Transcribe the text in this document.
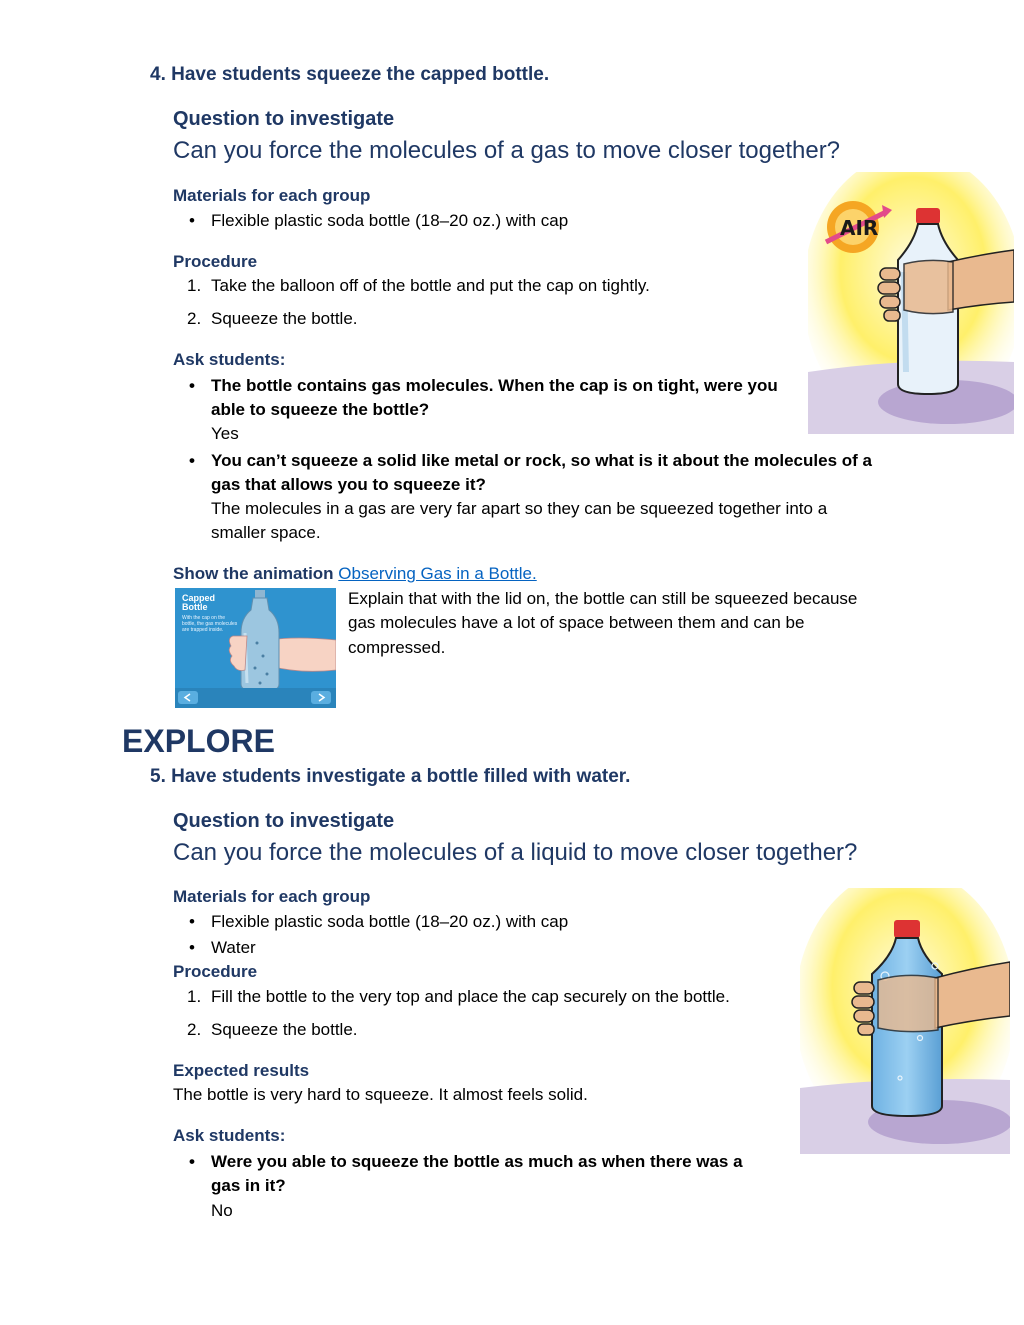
4. Have students squeeze the capped bottle.
Question to investigate
Can you force the molecules of a gas to move closer together?
Materials for each group
• Flexible plastic soda bottle (18–20 oz.) with cap
Procedure
1. Take the balloon off of the bottle and put the cap on tightly.
2. Squeeze the bottle.
Ask students:
• The bottle contains gas molecules. When the cap is on tight, were you
able to squeeze the bottle?
Yes
• You can’t squeeze a solid like metal or rock, so what is it about the molecules of a
gas that allows you to squeeze it?
The molecules in a gas are very far apart so they can be squeezed together into a
smaller space.
Show the animation Observing Gas in a Bottle.
Explain that with the lid on, the bottle can still be squeezed because
gas molecules have a lot of space between them and can be
compressed.
Capped
Bottle
With the cap on the
bottle, the gas molecules
are trapped inside.
AIR
EXPLORE
5. Have students investigate a bottle filled with water.
Question to investigate
Can you force the molecules of a liquid to move closer together?
Materials for each group
• Flexible plastic soda bottle (18–20 oz.) with cap
• Water
Procedure
1. Fill the bottle to the very top and place the cap securely on the bottle.
2. Squeeze the bottle.
Expected results
The bottle is very hard to squeeze. It almost feels solid.
Ask students:
• Were you able to squeeze the bottle as much as when there was a
gas in it?
No
